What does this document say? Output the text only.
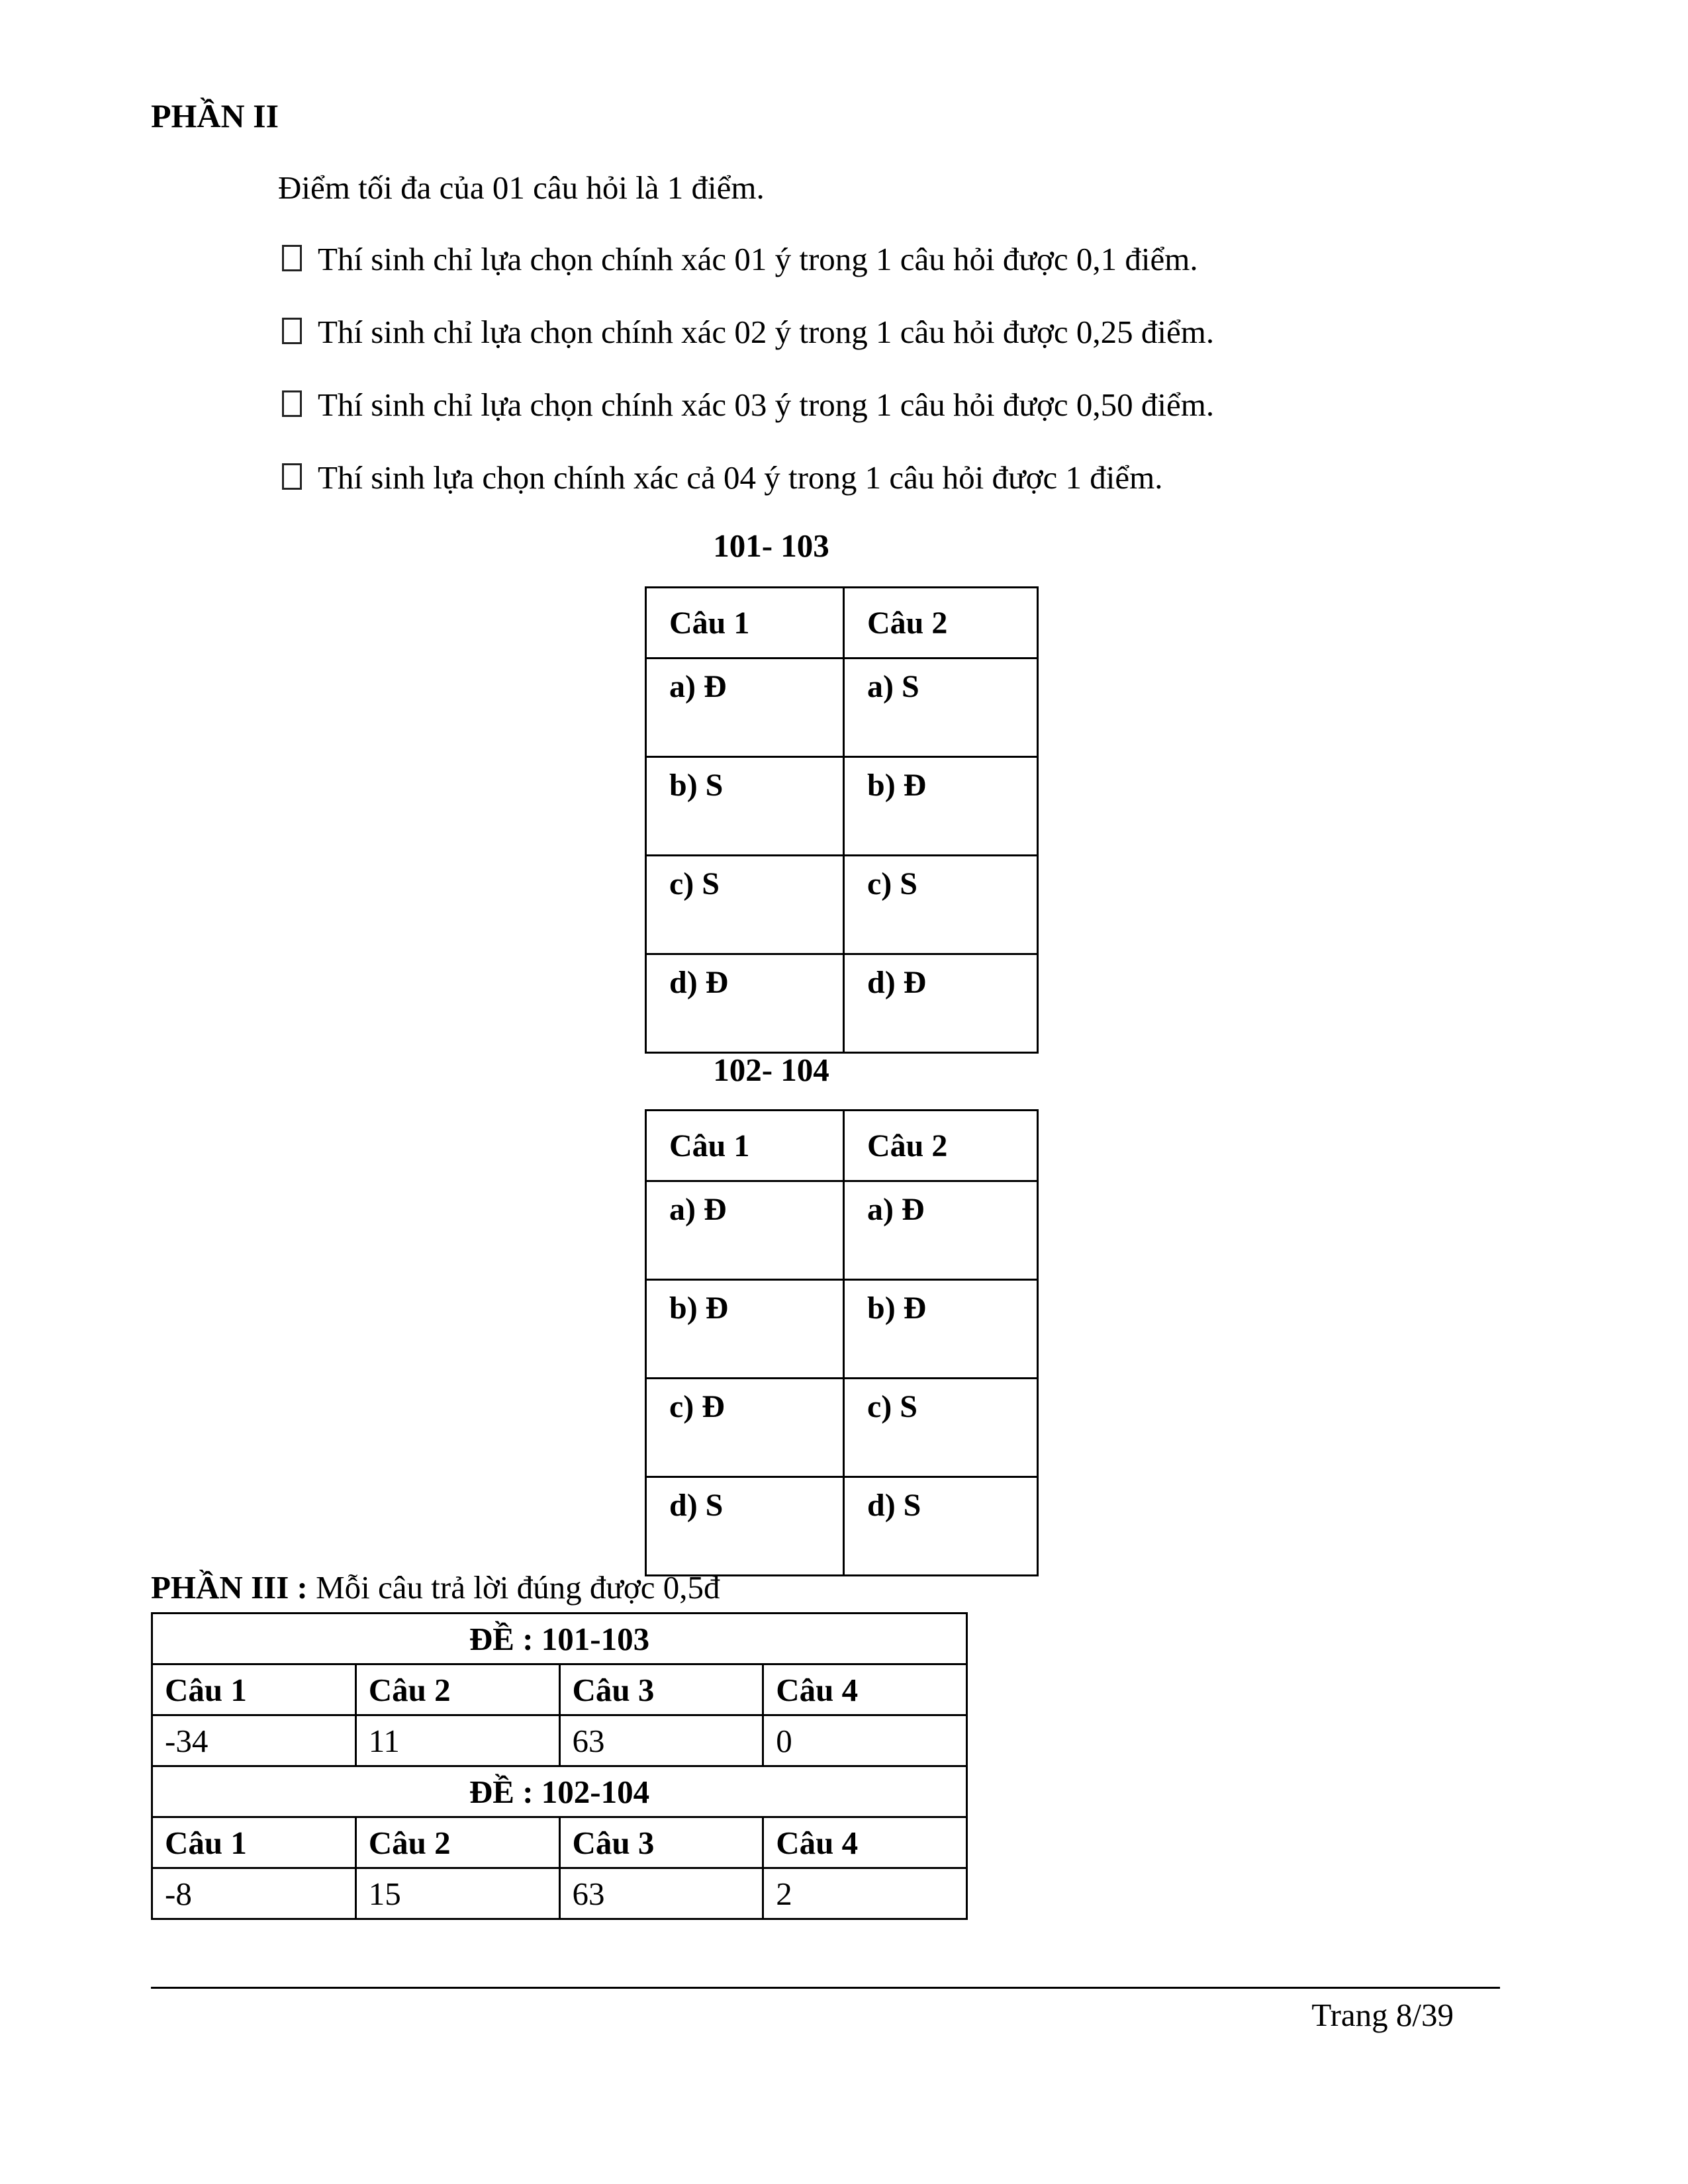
PHẦN II

Điểm tối đa của 01 câu hỏi là 1 điểm.

Thí sinh chỉ lựa chọn chính xác 01 ý trong 1 câu hỏi được 0,1 điểm.
Thí sinh chỉ lựa chọn chính xác 02 ý trong 1 câu hỏi được 0,25 điểm.
Thí sinh chỉ lựa chọn chính xác 03 ý trong 1 câu hỏi được 0,50 điểm.
Thí sinh lựa chọn chính xác cả 04 ý trong 1 câu hỏi được 1 điểm.
101- 103
Câu 1	Câu 2
a) Đ	a) S
b) S	b) Đ
c) S	c) S
d) Đ	d) Đ
102- 104
Câu 1	Câu 2
a) Đ	a) Đ
b) Đ	b) Đ
c) Đ	c) S
d) S	d) S

PHẦN III : Mỗi câu trả lời đúng được 0,5đ

ĐỀ : 101-103			
Câu 1	Câu 2	Câu 3	Câu 4
-34	11	63	0
ĐỀ : 102-104			
Câu 1	Câu 2	Câu 3	Câu 4
-8	15	63	2
Trang 8/39
